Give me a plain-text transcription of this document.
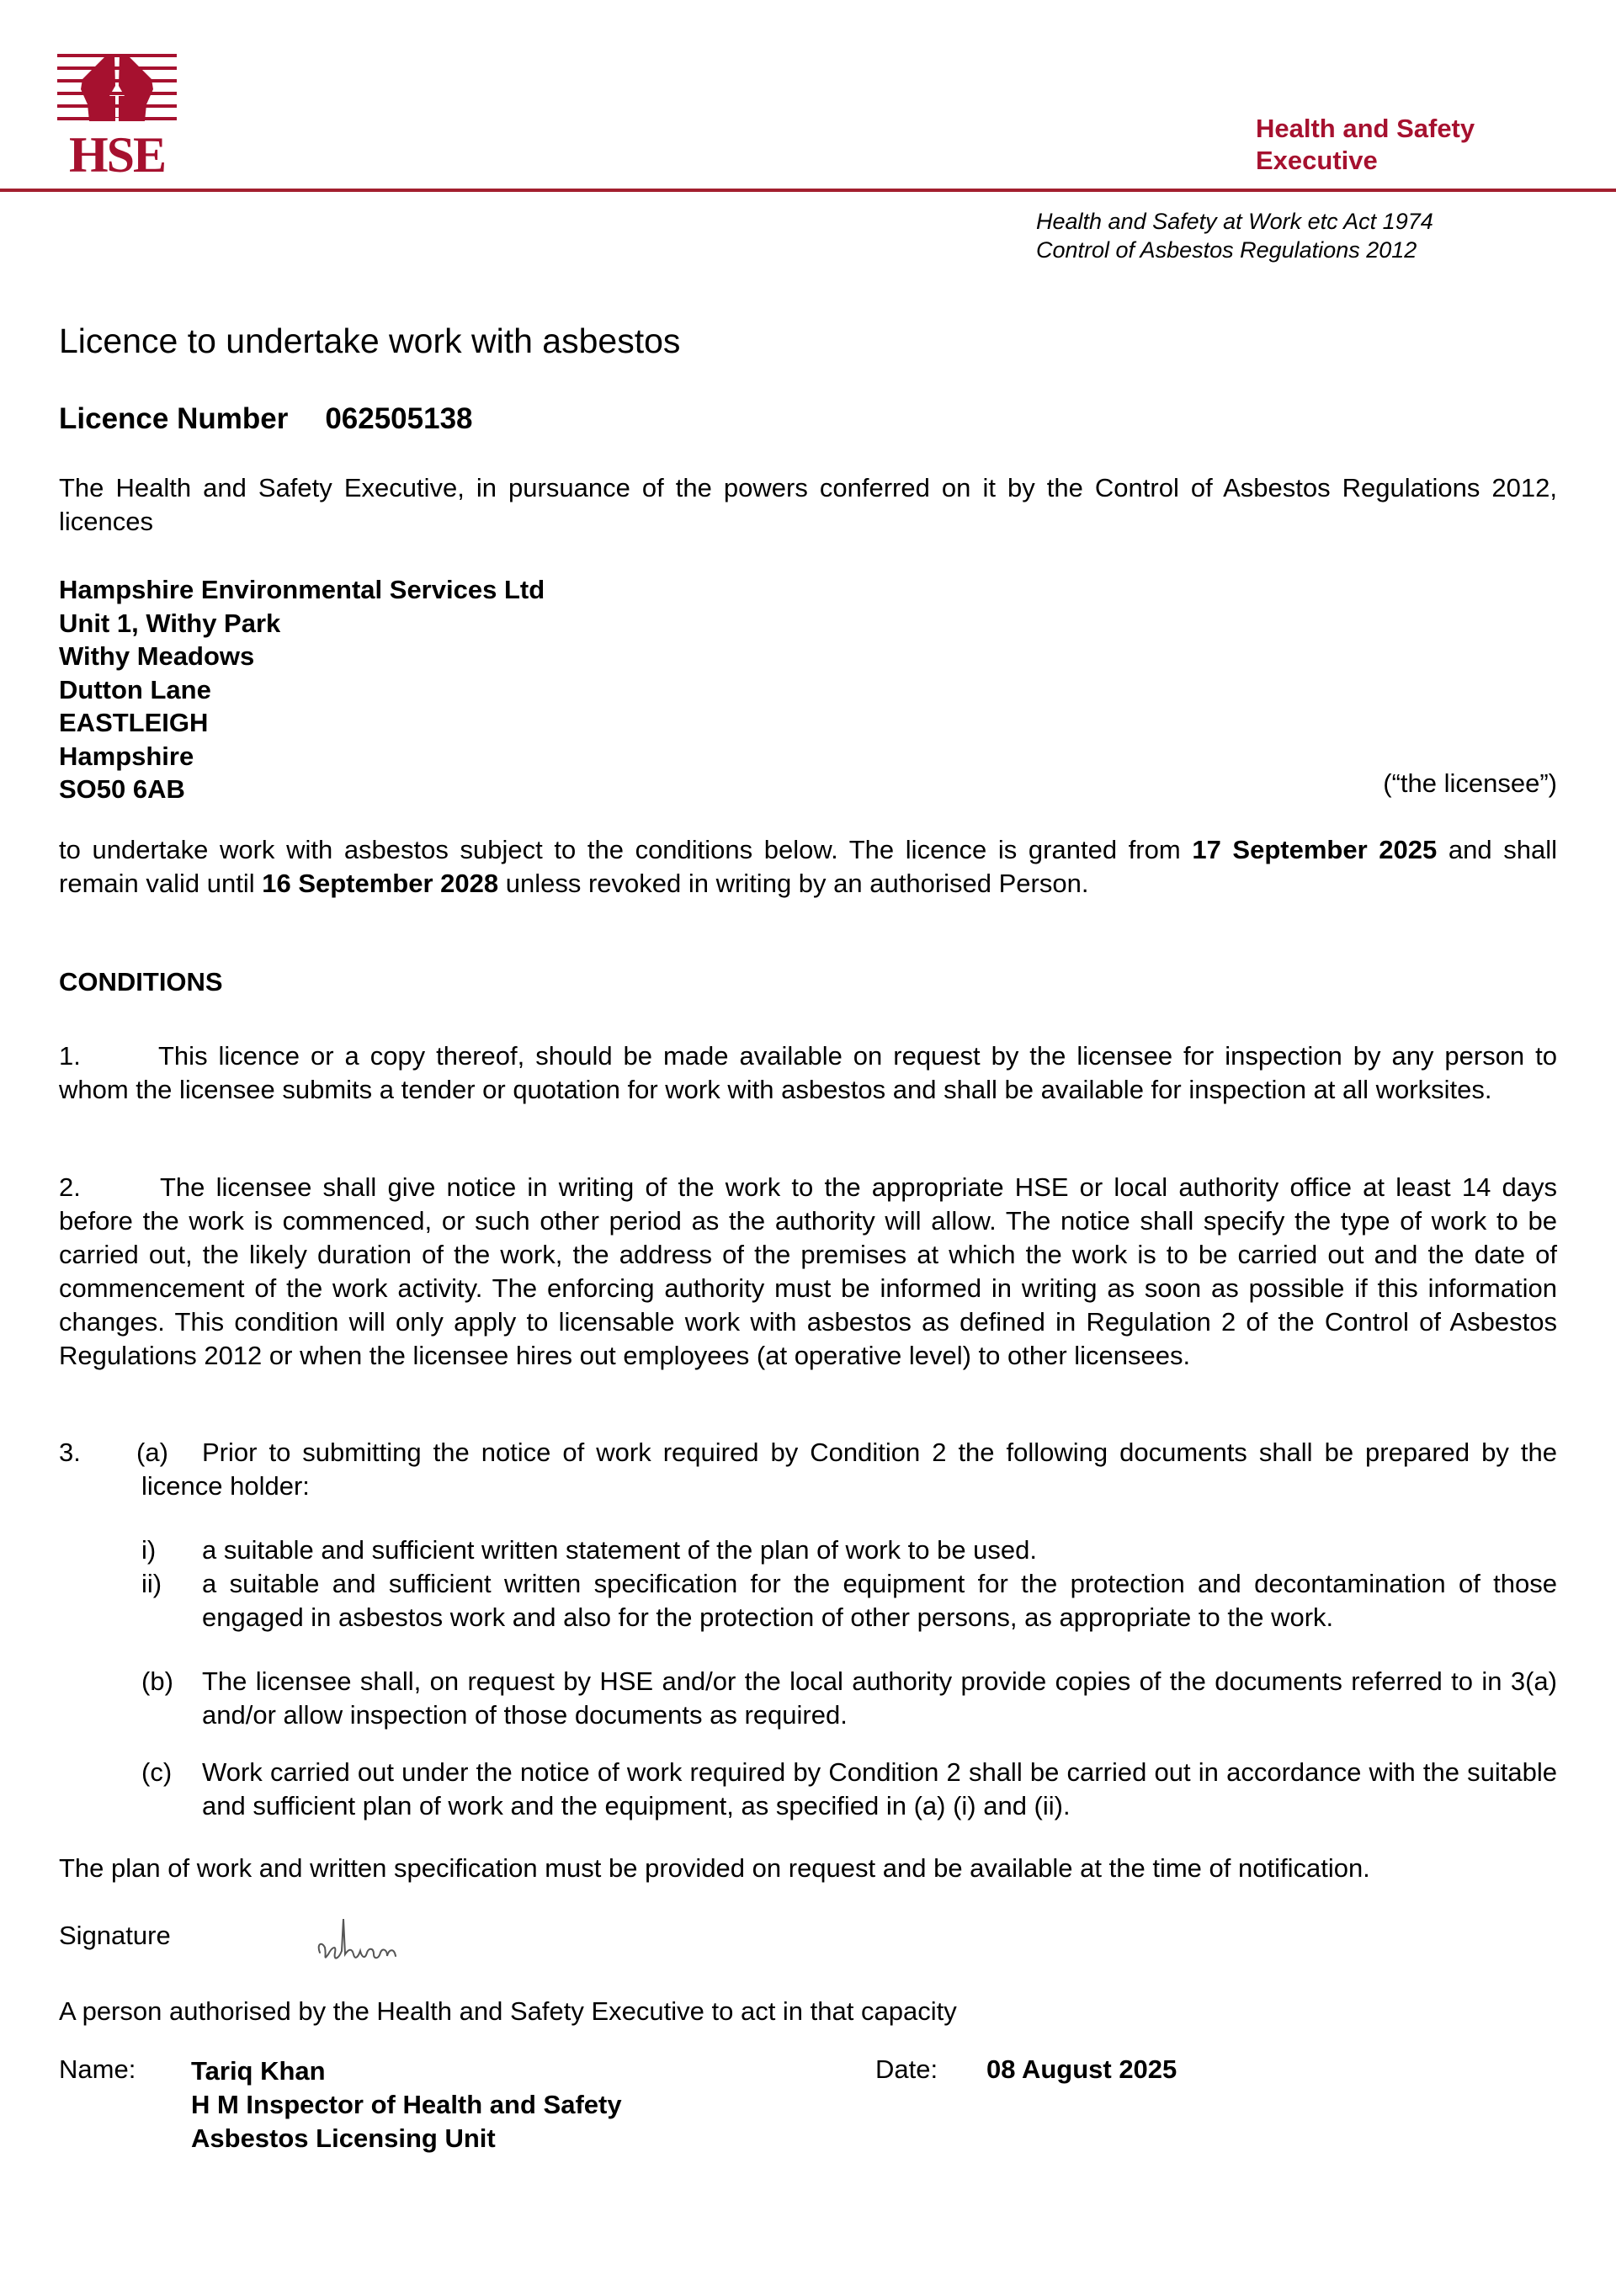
HSE	Health and Safety
Executive
Health and Safety at Work etc Act 1974
Control of Asbestos Regulations 2012
Licence to undertake work with asbestos
Licence Number 062505138
The Health and Safety Executive, in pursuance of the powers conferred on it by the Control of Asbestos Regulations 2012, licences
Hampshire Environmental Services Ltd
Unit 1, Withy Park
Withy Meadows
Dutton Lane
EASTLEIGH
Hampshire
SO50 6AB	(“the licensee”)
to undertake work with asbestos subject to the conditions below. The licence is granted from 17 September 2025 and shall remain valid until 16 September 2028 unless revoked in writing by an authorised Person.
CONDITIONS
1.	This licence or a copy thereof, should be made available on request by the licensee for inspection by any person to whom the licensee submits a tender or quotation for work with asbestos and shall be available for inspection at all worksites.
2.	The licensee shall give notice in writing of the work to the appropriate HSE or local authority office at least 14 days before the work is commenced, or such other period as the authority will allow. The notice shall specify the type of work to be carried out, the likely duration of the work, the address of the premises at which the work is to be carried out and the date of commencement of the work activity. The enforcing authority must be informed in writing as soon as possible if this information changes. This condition will only apply to licensable work with asbestos as defined in Regulation 2 of the Control of Asbestos Regulations 2012 or when the licensee hires out employees (at operative level) to other licensees.
3. (a)	Prior to submitting the notice of work required by Condition 2 the following documents shall be prepared by the licence holder:
i) a suitable and sufficient written statement of the plan of work to be used.
ii) a suitable and sufficient written specification for the equipment for the protection and decontamination of those engaged in asbestos work and also for the protection of other persons, as appropriate to the work.
(b) The licensee shall, on request by HSE and/or the local authority provide copies of the documents referred to in 3(a) and/or allow inspection of those documents as required.
(c) Work carried out under the notice of work required by Condition 2 shall be carried out in accordance with the suitable and sufficient plan of work and the equipment, as specified in (a) (i) and (ii).
The plan of work and written specification must be provided on request and be available at the time of notification.
Signature
A person authorised by the Health and Safety Executive to act in that capacity
Name: Tariq Khan
H M Inspector of Health and Safety
Asbestos Licensing Unit
Date: 08 August 2025
